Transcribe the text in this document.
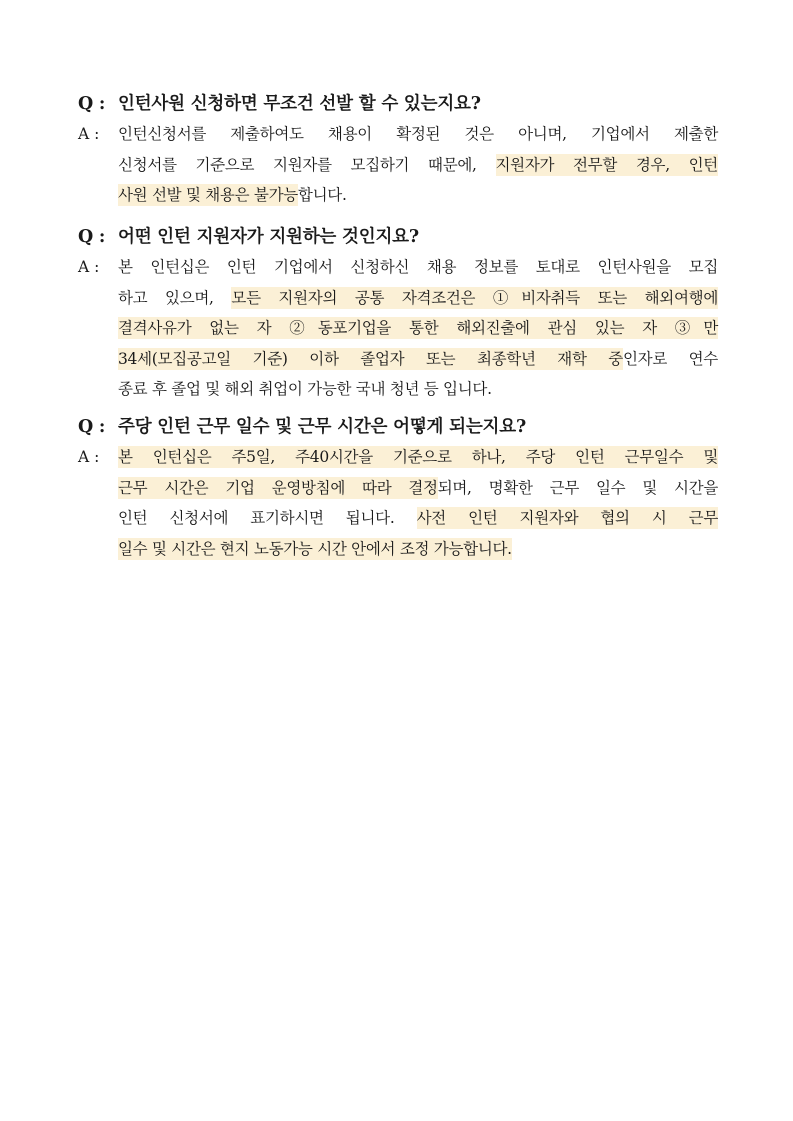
Q : 인턴사원 신청하면 무조건 선발 할 수 있는지요?
A :	인턴신청서를 제출하여도 채용이 확정된 것은 아니며, 기업에서 제출한
신청서를 기준으로 지원자를 모집하기 때문에, 지원자가 전무할 경우, 인턴
사원 선발 및 채용은 불가능합니다.
Q : 어떤 인턴 지원자가 지원하는 것인지요?
A :	본 인턴십은 인턴 기업에서 신청하신 채용 정보를 토대로 인턴사원을 모집
하고 있으며, 모든 지원자의 공통 자격조건은 ①비자취득 또는 해외여행에
결격사유가 없는 자 ②동포기업을 통한 해외진출에 관심 있는 자 ③만
34세(모집공고일 기준) 이하 졸업자 또는 최종학년 재학 중인자로 연수
종료 후 졸업 및 해외 취업이 가능한 국내 청년 등 입니다.
Q : 주당 인턴 근무 일수 및 근무 시간은 어떻게 되는지요?
A :	본 인턴십은 주5일, 주40시간을 기준으로 하나, 주당 인턴 근무일수 및
근무 시간은 기업 운영방침에 따라 결정되며, 명확한 근무 일수 및 시간을
인턴 신청서에 표기하시면 됩니다. 사전 인턴 지원자와 협의 시 근무
일수 및 시간은 현지 노동가능 시간 안에서 조정 가능합니다.
